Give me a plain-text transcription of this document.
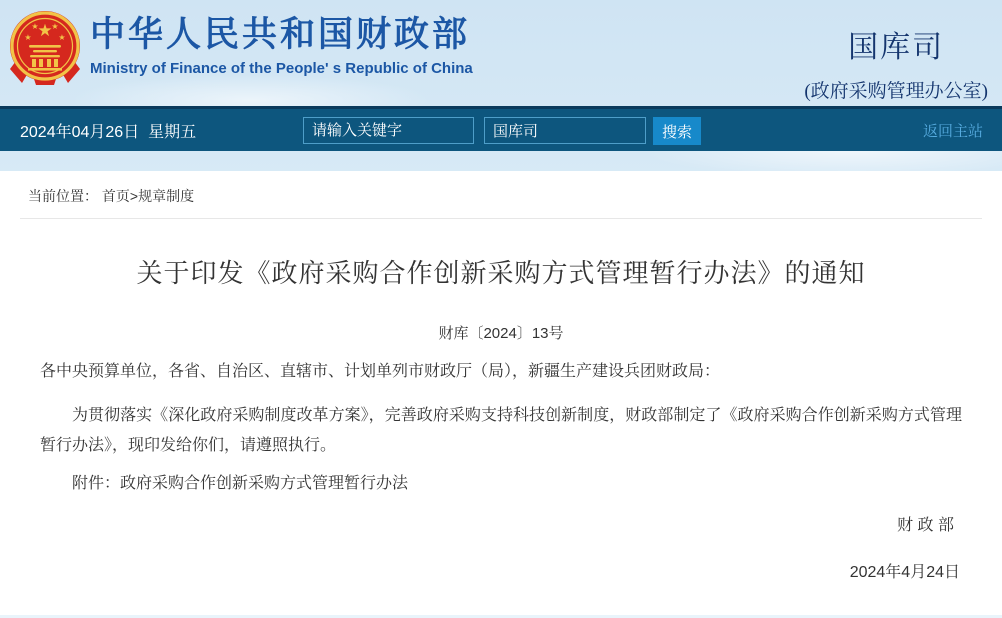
★
★
★ ★
★ 中华人民共和国财政部
Ministry of Finance of the People' s Republic of China
国库司
(政府采购管理办公室)
2024年04月26日  星期五
请输入关键字	国库司	搜索	返回主站
当前位置： 首页>规章制度
关于印发《政府采购合作创新采购方式管理暂行办法》的通知
财库〔2024〕13号

各中央预算单位，各省、自治区、直辖市、计划单列市财政厅（局），新疆生产建设兵团财政局：

为贯彻落实《深化政府采购制度改革方案》，完善政府采购支持科技创新制度，财政部制定了《政府采购合作创新采购方式管理暂行办法》，现印发给你们，请遵照执行。

附件：政府采购合作创新采购方式管理暂行办法

财 政 部
2024年4月24日
